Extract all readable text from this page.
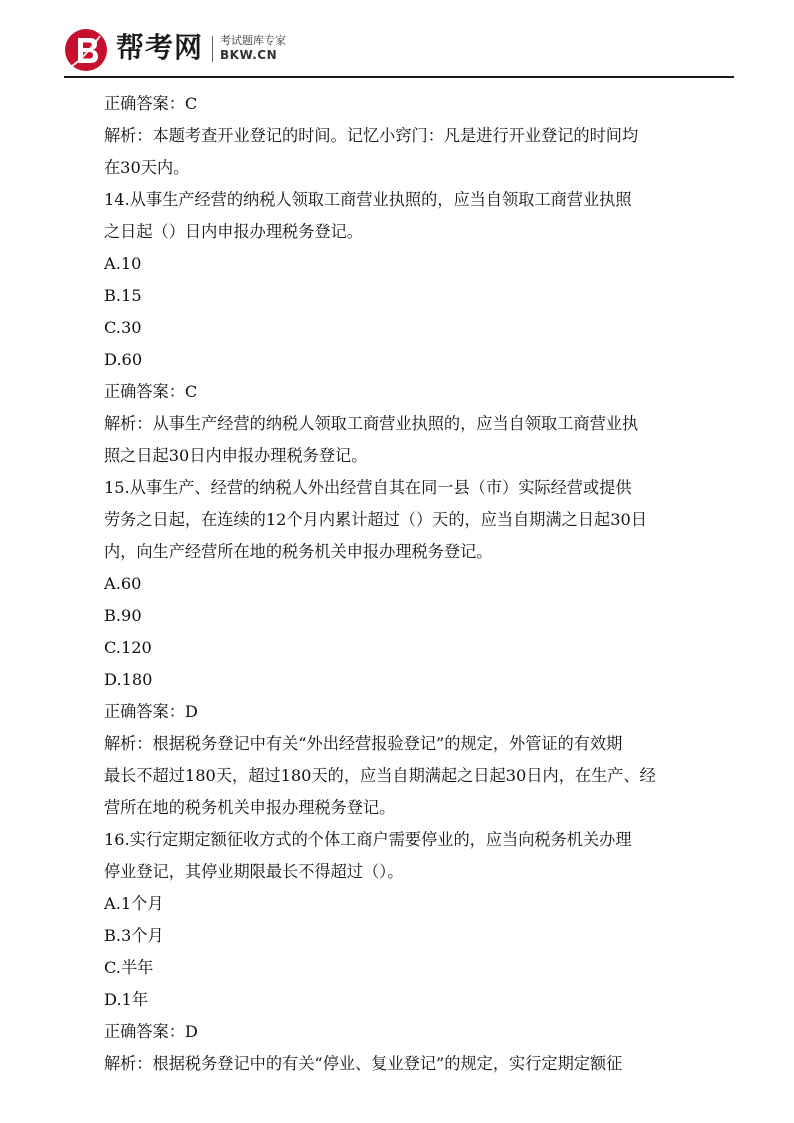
帮考网 考试题库专家
BKW.CN
正确答案：C
解析：本题考查开业登记的时间。记忆小窍门：凡是进行开业登记的时间均
在30天内。
14.从事生产经营的纳税人领取工商营业执照的，应当自领取工商营业执照
之日起（）日内申报办理税务登记。
A.10
B.15
C.30
D.60
正确答案：C
解析：从事生产经营的纳税人领取工商营业执照的，应当自领取工商营业执
照之日起30日内申报办理税务登记。
15.从事生产、经营的纳税人外出经营自其在同一县（市）实际经营或提供
劳务之日起，在连续的12个月内累计超过（）天的，应当自期满之日起30日
内，向生产经营所在地的税务机关申报办理税务登记。
A.60
B.90
C.120
D.180
正确答案：D
解析：根据税务登记中有关“外出经营报验登记”的规定，外管证的有效期
最长不超过180天，超过180天的，应当自期满起之日起30日内，在生产、经
营所在地的税务机关申报办理税务登记。
16.实行定期定额征收方式的个体工商户需要停业的，应当向税务机关办理
停业登记，其停业期限最长不得超过（）。
A.1个月
B.3个月
C.半年
D.1年
正确答案：D
解析：根据税务登记中的有关“停业、复业登记”的规定，实行定期定额征
